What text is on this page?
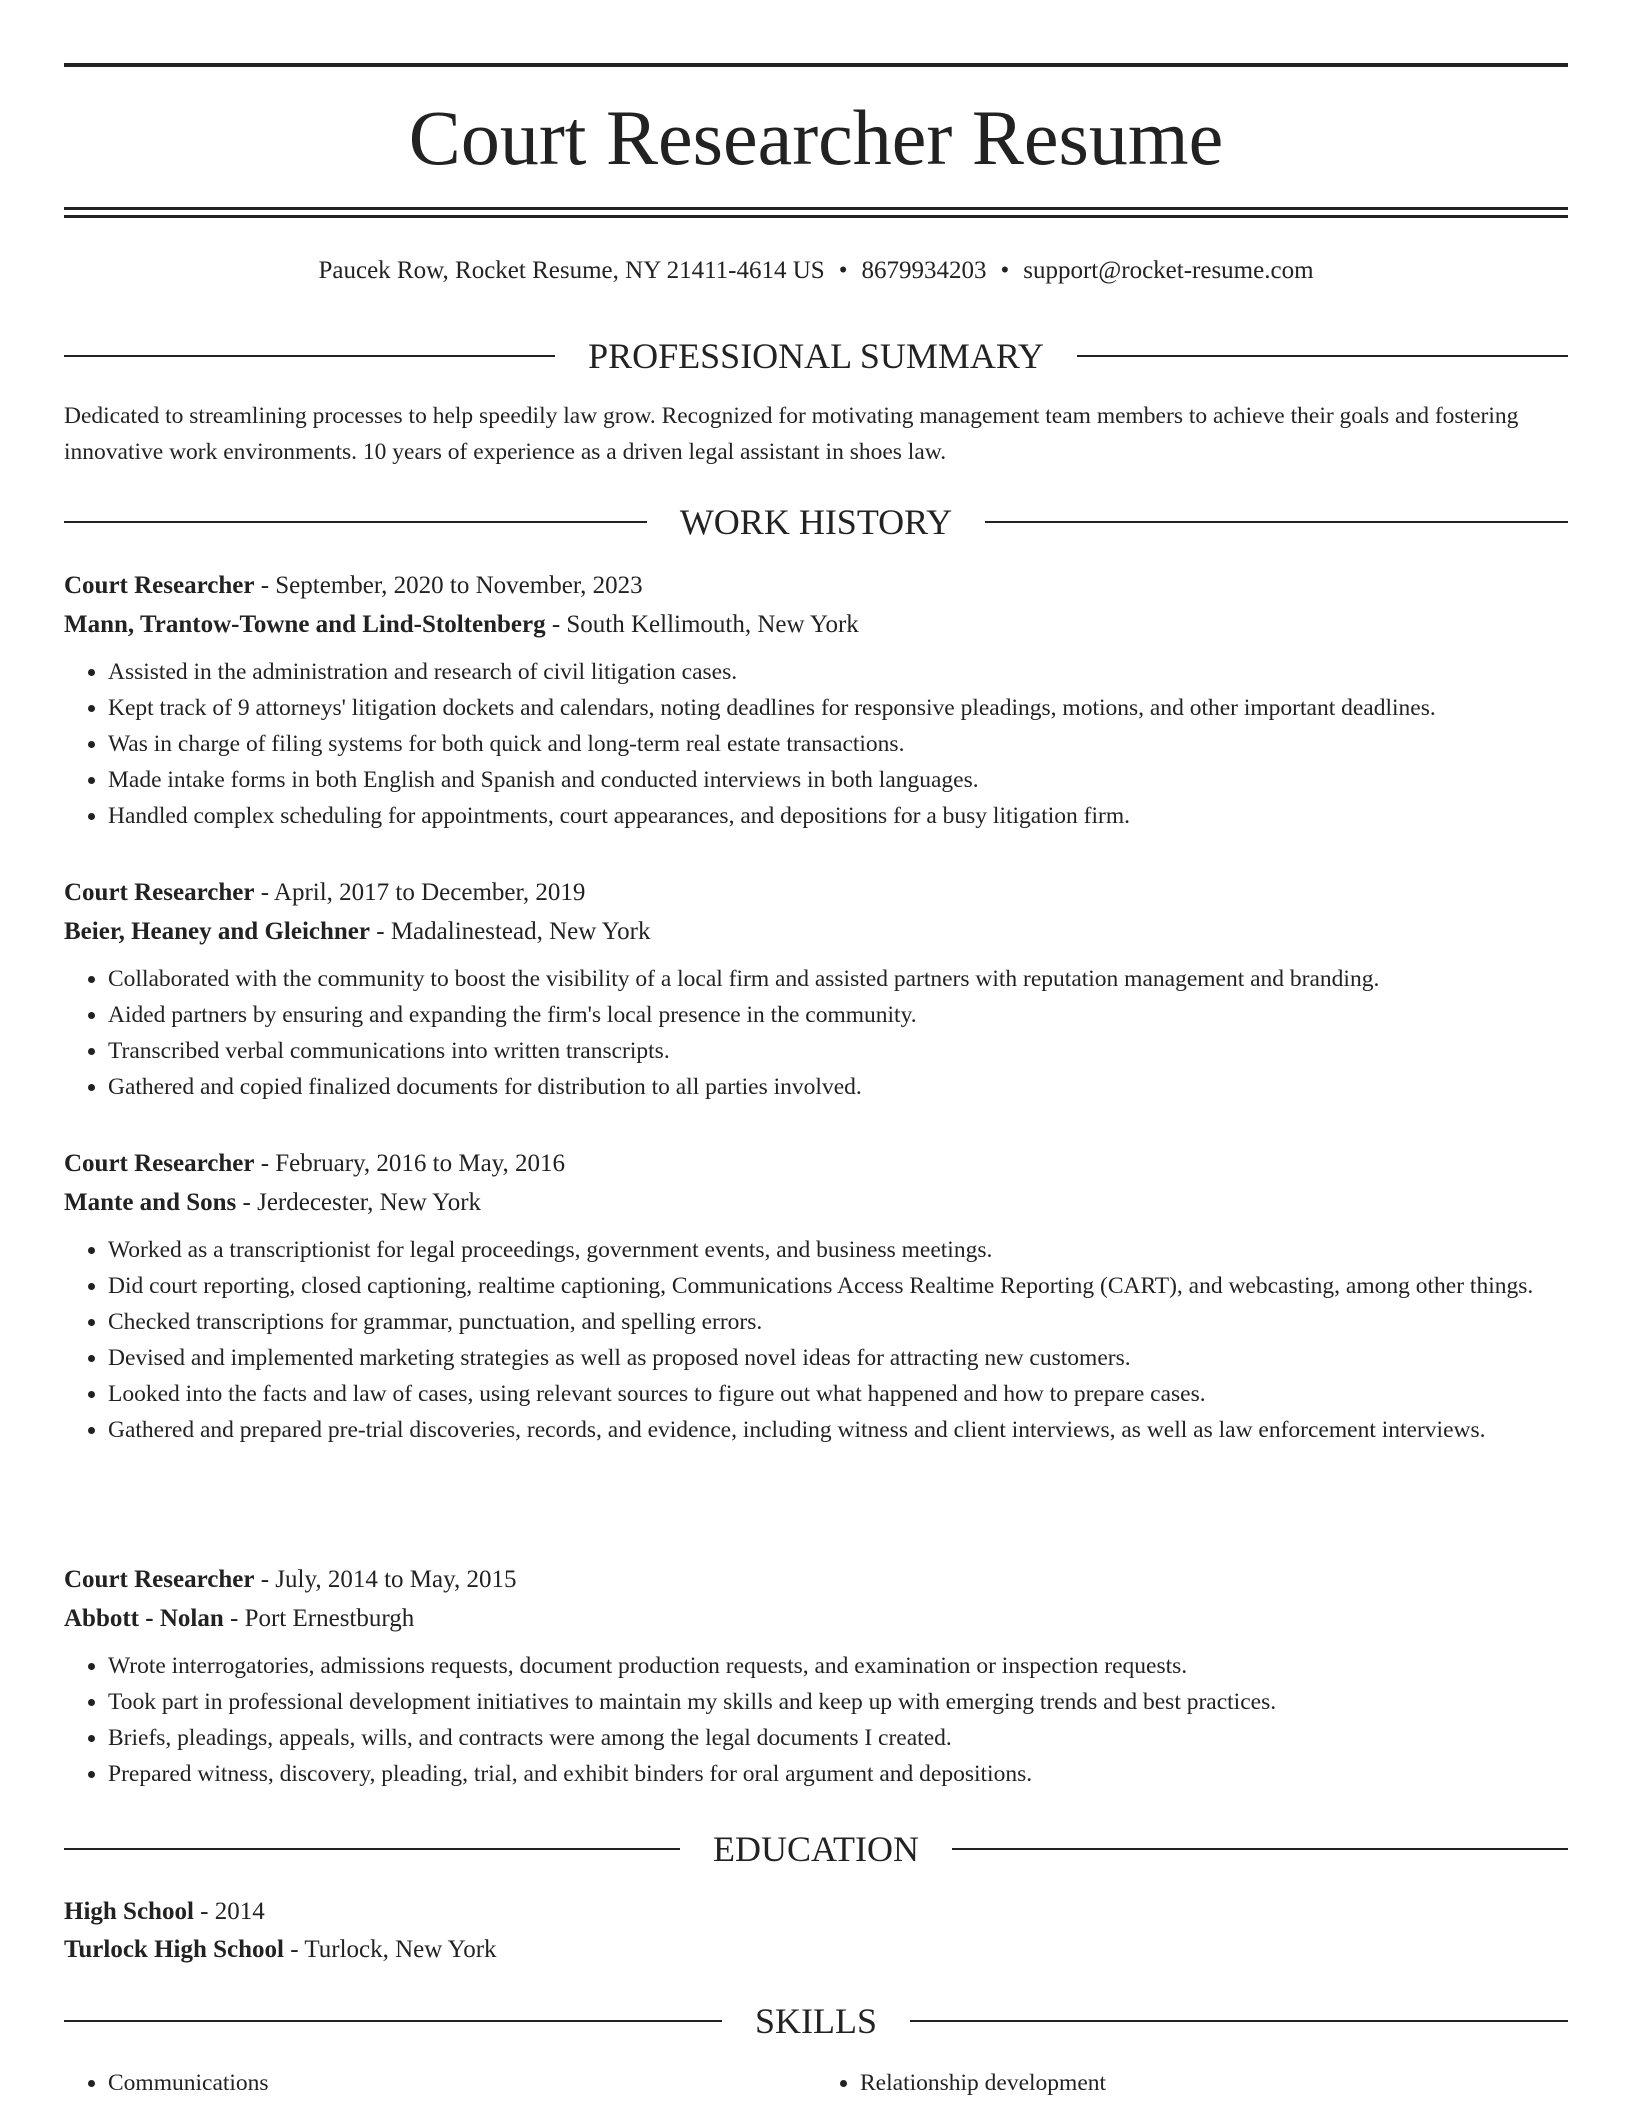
Court Researcher Resume
Paucek Row, Rocket Resume, NY 21411-4614 US • 8679934203 • support@rocket-resume.com
PROFESSIONAL SUMMARY

Dedicated to streamlining processes to help speedily law grow. Recognized for motivating management team members to achieve their goals and fostering innovative work environments. 10 years of experience as a driven legal assistant in shoes law.

WORK HISTORY
Court Researcher - September, 2020 to November, 2023
Mann, Trantow-Towne and Lind-Stoltenberg - South Kellimouth, New York
• Assisted in the administration and research of civil litigation cases.
• Kept track of 9 attorneys' litigation dockets and calendars, noting deadlines for responsive pleadings, motions, and other important deadlines.
• Was in charge of filing systems for both quick and long-term real estate transactions.
• Made intake forms in both English and Spanish and conducted interviews in both languages.
• Handled complex scheduling for appointments, court appearances, and depositions for a busy litigation firm.
Court Researcher - April, 2017 to December, 2019
Beier, Heaney and Gleichner - Madalinestead, New York
• Collaborated with the community to boost the visibility of a local firm and assisted partners with reputation management and branding.
• Aided partners by ensuring and expanding the firm's local presence in the community.
• Transcribed verbal communications into written transcripts.
• Gathered and copied finalized documents for distribution to all parties involved.
Court Researcher - February, 2016 to May, 2016
Mante and Sons - Jerdecester, New York
• Worked as a transcriptionist for legal proceedings, government events, and business meetings.
• Did court reporting, closed captioning, realtime captioning, Communications Access Realtime Reporting (CART), and webcasting, among other things.
• Checked transcriptions for grammar, punctuation, and spelling errors.
• Devised and implemented marketing strategies as well as proposed novel ideas for attracting new customers.
• Looked into the facts and law of cases, using relevant sources to figure out what happened and how to prepare cases.
• Gathered and prepared pre-trial discoveries, records, and evidence, including witness and client interviews, as well as law enforcement interviews.
Court Researcher - July, 2014 to May, 2015
Abbott - Nolan - Port Ernestburgh
• Wrote interrogatories, admissions requests, document production requests, and examination or inspection requests.
• Took part in professional development initiatives to maintain my skills and keep up with emerging trends and best practices.
• Briefs, pleadings, appeals, wills, and contracts were among the legal documents I created.
• Prepared witness, discovery, pleading, trial, and exhibit binders for oral argument and depositions.
EDUCATION
High School - 2014
Turlock High School - Turlock, New York
SKILLS
• Communications
•	Relationship development
